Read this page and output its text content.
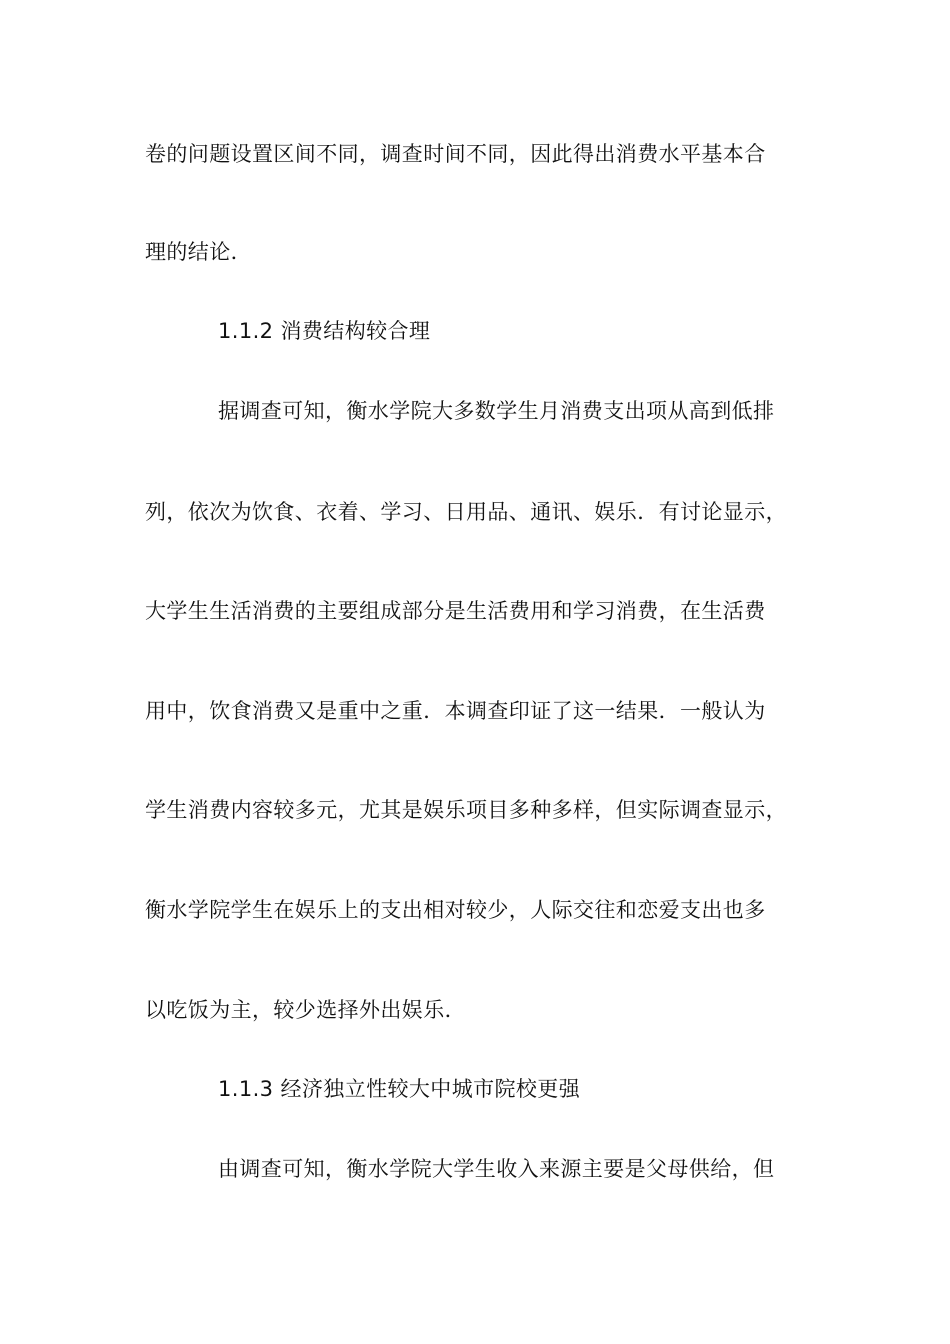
卷的问题设置区间不同，调查时间不同，因此得出消费水平基本合
理的结论．
1.1.2 消费结构较合理
据调查可知，衡水学院大多数学生月消费支出项从高到低排
列，依次为饮食、衣着、学习、日用品、通讯、娱乐．有讨论显示，
大学生生活消费的主要组成部分是生活费用和学习消费，在生活费
用中，饮食消费又是重中之重．本调查印证了这一结果．一般认为
学生消费内容较多元，尤其是娱乐项目多种多样，但实际调查显示，
衡水学院学生在娱乐上的支出相对较少，人际交往和恋爱支出也多
以吃饭为主，较少选择外出娱乐．
1.1.3 经济独立性较大中城市院校更强
由调查可知，衡水学院大学生收入来源主要是父母供给，但
